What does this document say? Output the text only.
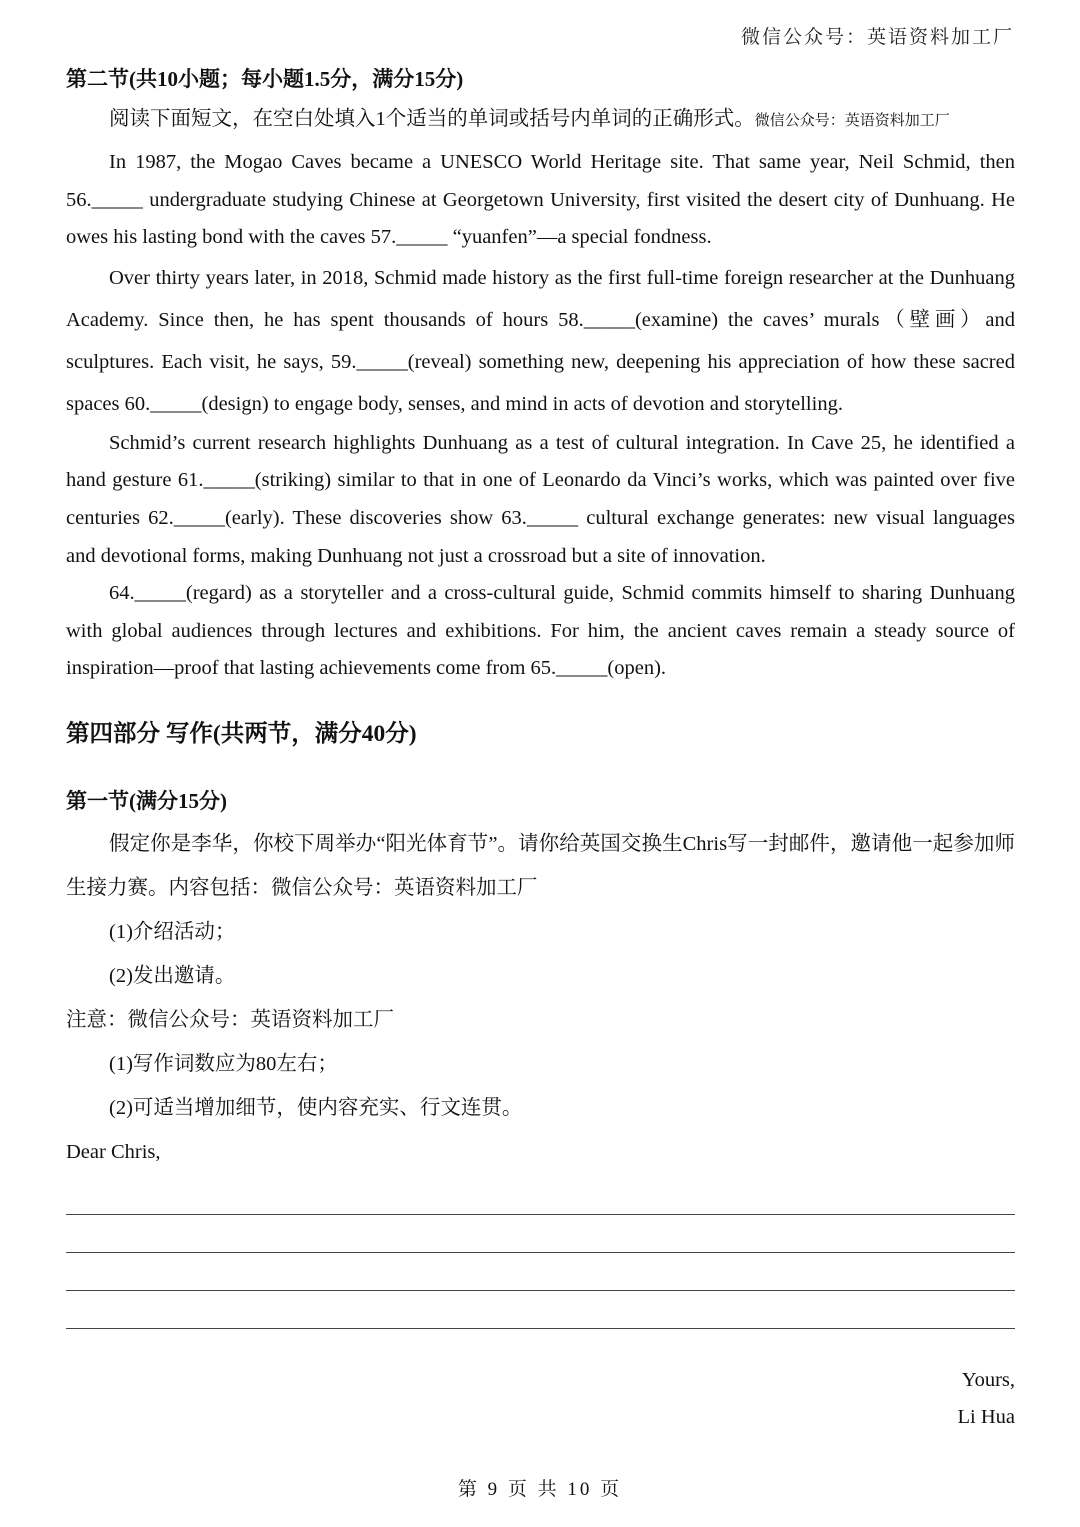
微信公众号：英语资料加工厂

第二节(共10小题；每小题1.5分，满分15分)

阅读下面短文，在空白处填入1个适当的单词或括号内单词的正确形式。微信公众号：英语资料加工厂

In 1987, the Mogao Caves became a UNESCO World Heritage site. That same year, Neil Schmid, then 56._____ undergraduate studying Chinese at Georgetown University, first visited the desert city of Dunhuang. He owes his lasting bond with the caves 57._____ “yuanfen”—a special fondness.

Over thirty years later, in 2018, Schmid made history as the first full-time foreign researcher at the Dunhuang Academy. Since then, he has spent thousands of hours 58._____(examine) the caves’ murals（壁画）and sculptures. Each visit, he says, 59._____(reveal) something new, deepening his appreciation of how these sacred spaces 60._____(design) to engage body, senses, and mind in acts of devotion and storytelling.

Schmid’s current research highlights Dunhuang as a test of cultural integration. In Cave 25, he identified a hand gesture 61._____(striking) similar to that in one of Leonardo da Vinci’s works, which was painted over five centuries 62._____(early). These discoveries show 63._____ cultural exchange generates: new visual languages and devotional forms, making Dunhuang not just a crossroad but a site of innovation.

64._____(regard) as a storyteller and a cross-cultural guide, Schmid commits himself to sharing Dunhuang with global audiences through lectures and exhibitions. For him, the ancient caves remain a steady source of inspiration—proof that lasting achievements come from 65._____(open).

第四部分 写作(共两节，满分40分)

第一节(满分15分)

假定你是李华，你校下周举办“阳光体育节”。请你给英国交换生Chris写一封邮件，邀请他一起参加师生接力赛。内容包括：微信公众号：英语资料加工厂

(1)介绍活动；

(2)发出邀请。

注意：微信公众号：英语资料加工厂

(1)写作词数应为80左右；

(2)可适当增加细节，使内容充实、行文连贯。

Dear Chris,

Yours,

Li Hua

第 9 页 共 10 页
